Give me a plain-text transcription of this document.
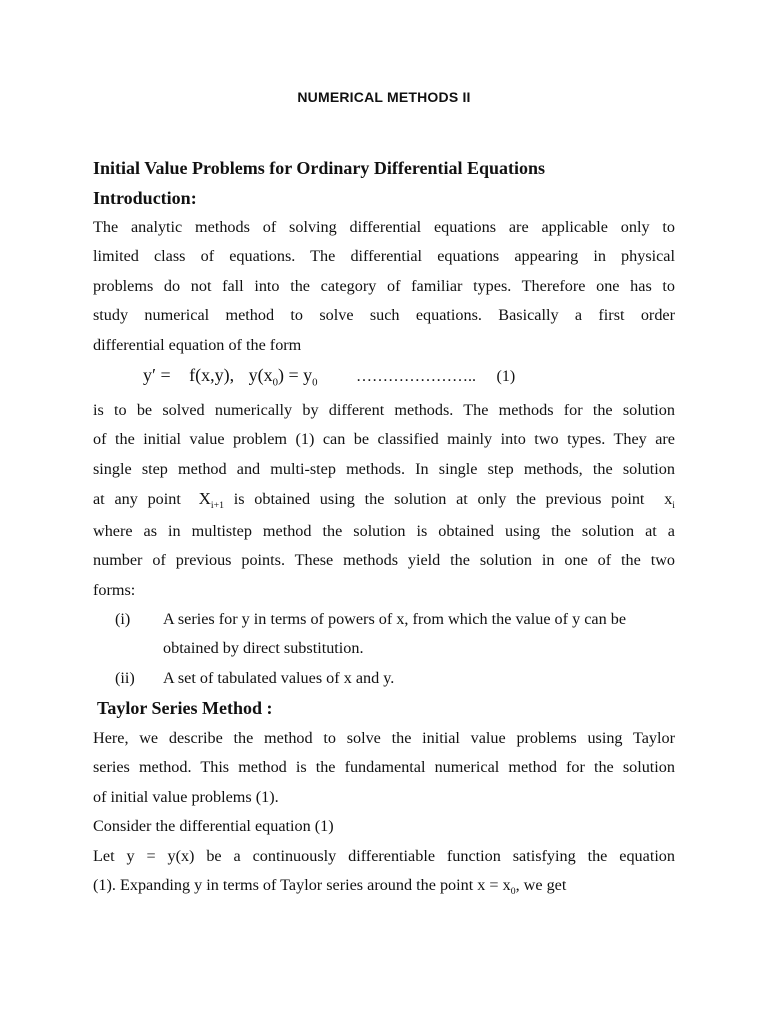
NUMERICAL METHODS II
Initial Value Problems for Ordinary Differential Equations
Introduction:

The analytic methods of solving differential equations are applicable only to
limited class of equations. The differential equations appearing in physical
problems do not fall into the category of familiar types. Therefore one has to
study numerical method to solve such equations. Basically a first order
differential equation of the form

y′ = f(x,y), $y(x_0) = y_0$ ………………….. (1)

is to be solved numerically by different methods. The methods for the solution
of the initial value problem (1) can be classified mainly into two types. They are
single step method and multi-step methods. In single step methods, the solution
at any point $X_{i+1}$ is obtained using the solution at only the previous point $x_i$

where as in multistep method the solution is obtained using the solution at a
number of previous points. These methods yield the solution in one of the two
forms:

(i) A series for y in terms of powers of x, from which the value of y can be
obtained by direct substitution.
(ii) A set of tabulated values of x and y.
Taylor Series Method :

Here, we describe the method to solve the initial value problems using Taylor
series method. This method is the fundamental numerical method for the solution
of initial value problems (1).
Consider the differential equation (1)
Let y = y(x) be a continuously differentiable function satisfying the equation
(1). Expanding y in terms of Taylor series around the point $x = x_0$, we get
